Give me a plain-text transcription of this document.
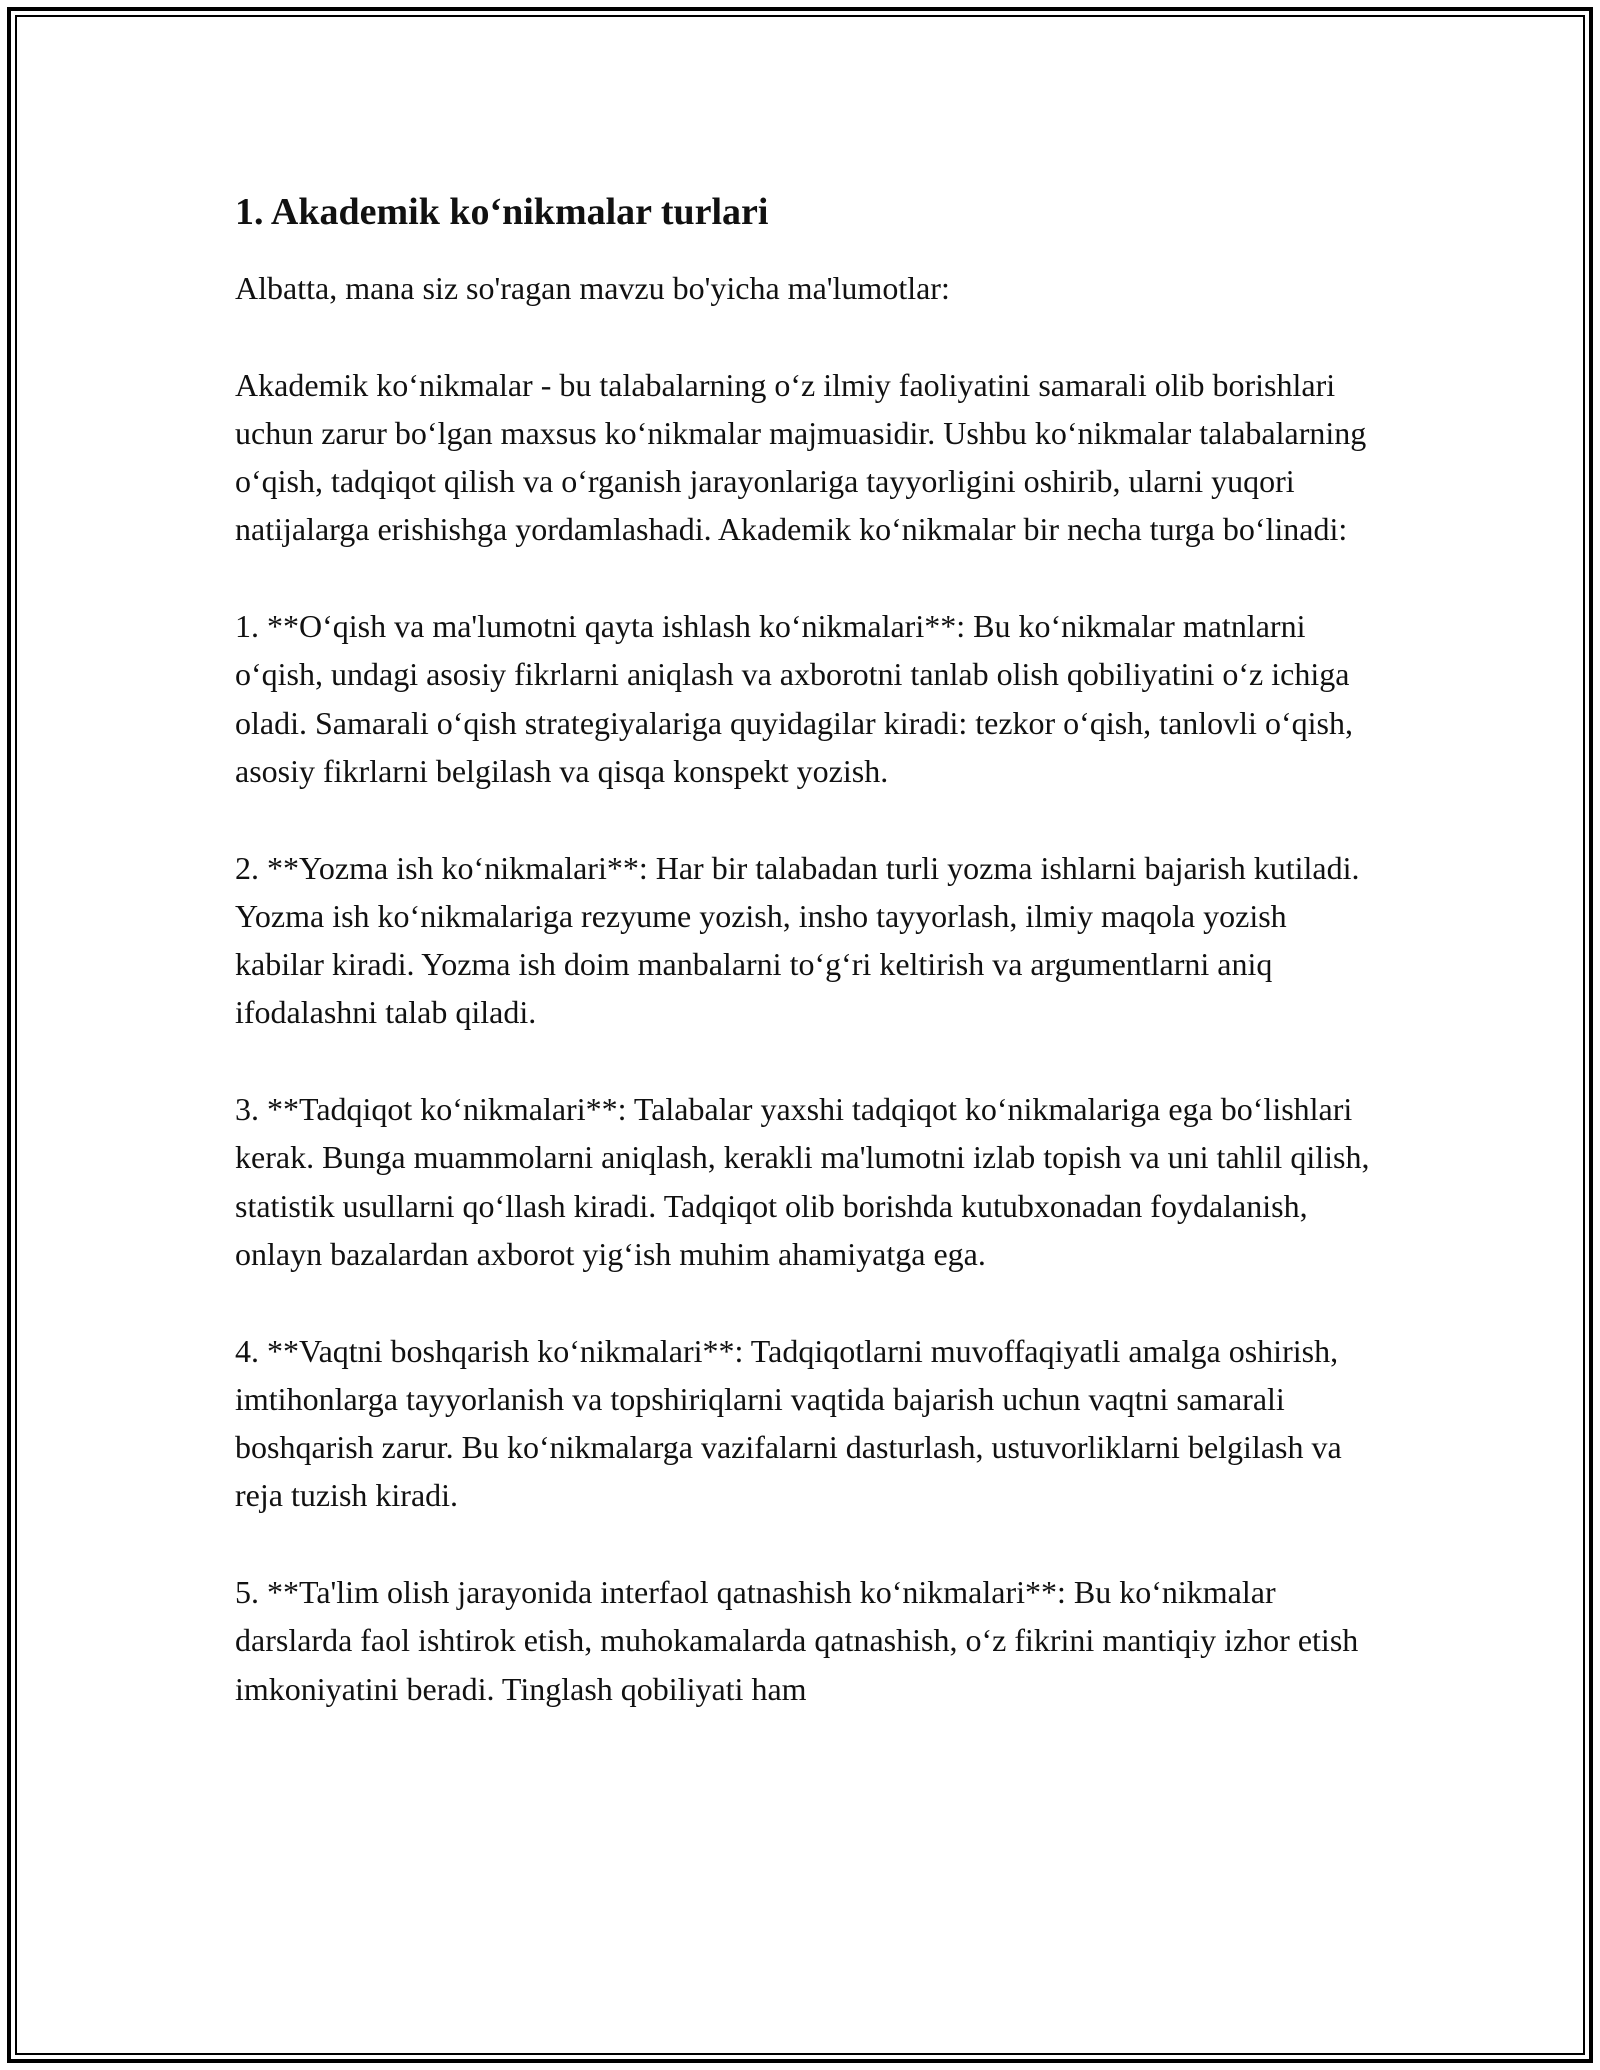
1. Akademik ko‘nikmalar turlari

Albatta, mana siz so'ragan mavzu bo'yicha ma'lumotlar:

Akademik ko‘nikmalar - bu talabalarning o‘z ilmiy faoliyatini samarali olib borishlari uchun zarur bo‘lgan maxsus ko‘nikmalar majmuasidir. Ushbu ko‘nikmalar talabalarning o‘qish, tadqiqot qilish va o‘rganish jarayonlariga tayyorligini oshirib, ularni yuqori natijalarga erishishga yordamlashadi. Akademik ko‘nikmalar bir necha turga bo‘linadi:

1. **O‘qish va ma'lumotni qayta ishlash ko‘nikmalari**: Bu ko‘nikmalar matnlarni o‘qish, undagi asosiy fikrlarni aniqlash va axborotni tanlab olish qobiliyatini o‘z ichiga oladi. Samarali o‘qish strategiyalariga quyidagilar kiradi: tezkor o‘qish, tanlovli o‘qish, asosiy fikrlarni belgilash va qisqa konspekt yozish.

2. **Yozma ish ko‘nikmalari**: Har bir talabadan turli yozma ishlarni bajarish kutiladi. Yozma ish ko‘nikmalariga rezyume yozish, insho tayyorlash, ilmiy maqola yozish kabilar kiradi. Yozma ish doim manbalarni to‘g‘ri keltirish va argumentlarni aniq ifodalashni talab qiladi.

3. **Tadqiqot ko‘nikmalari**: Talabalar yaxshi tadqiqot ko‘nikmalariga ega bo‘lishlari kerak. Bunga muammolarni aniqlash, kerakli ma'lumotni izlab topish va uni tahlil qilish, statistik usullarni qo‘llash kiradi. Tadqiqot olib borishda kutubxonadan foydalanish, onlayn bazalardan axborot yig‘ish muhim ahamiyatga ega.

4. **Vaqtni boshqarish ko‘nikmalari**: Tadqiqotlarni muvoffaqiyatli amalga oshirish, imtihonlarga tayyorlanish va topshiriqlarni vaqtida bajarish uchun vaqtni samarali boshqarish zarur. Bu ko‘nikmalarga vazifalarni dasturlash, ustuvorliklarni belgilash va reja tuzish kiradi.

5. **Ta'lim olish jarayonida interfaol qatnashish ko‘nikmalari**: Bu ko‘nikmalar darslarda faol ishtirok etish, muhokamalarda qatnashish, o‘z fikrini mantiqiy izhor etish imkoniyatini beradi. Tinglash qobiliyati ham
